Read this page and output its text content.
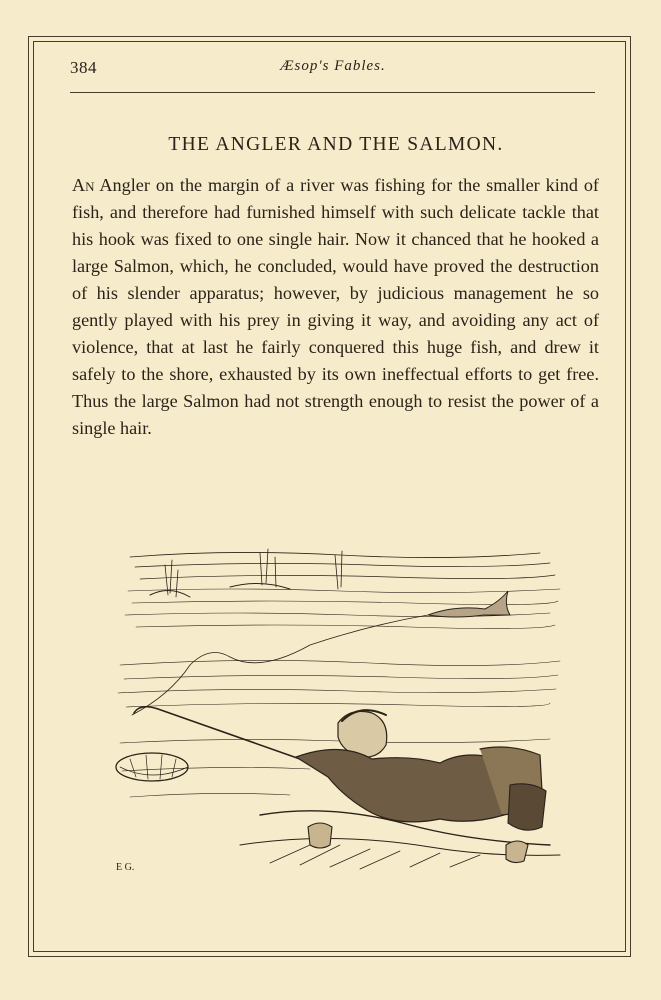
384	Æsop's Fables.
THE ANGLER AND THE SALMON.

An Angler on the margin of a river was fishing for the smaller kind of fish, and therefore had furnished himself with such delicate tackle that his hook was fixed to one single hair. Now it chanced that he hooked a large Salmon, which, he concluded, would have proved the destruction of his slender apparatus; however, by judicious management he so gently played with his prey in giving it way, and avoiding any act of violence, that at last he fairly conquered this huge fish, and drew it safely to the shore, exhausted by its own ineffectual efforts to get free. Thus the large Salmon had not strength enough to resist the power of a single hair.

E G.
